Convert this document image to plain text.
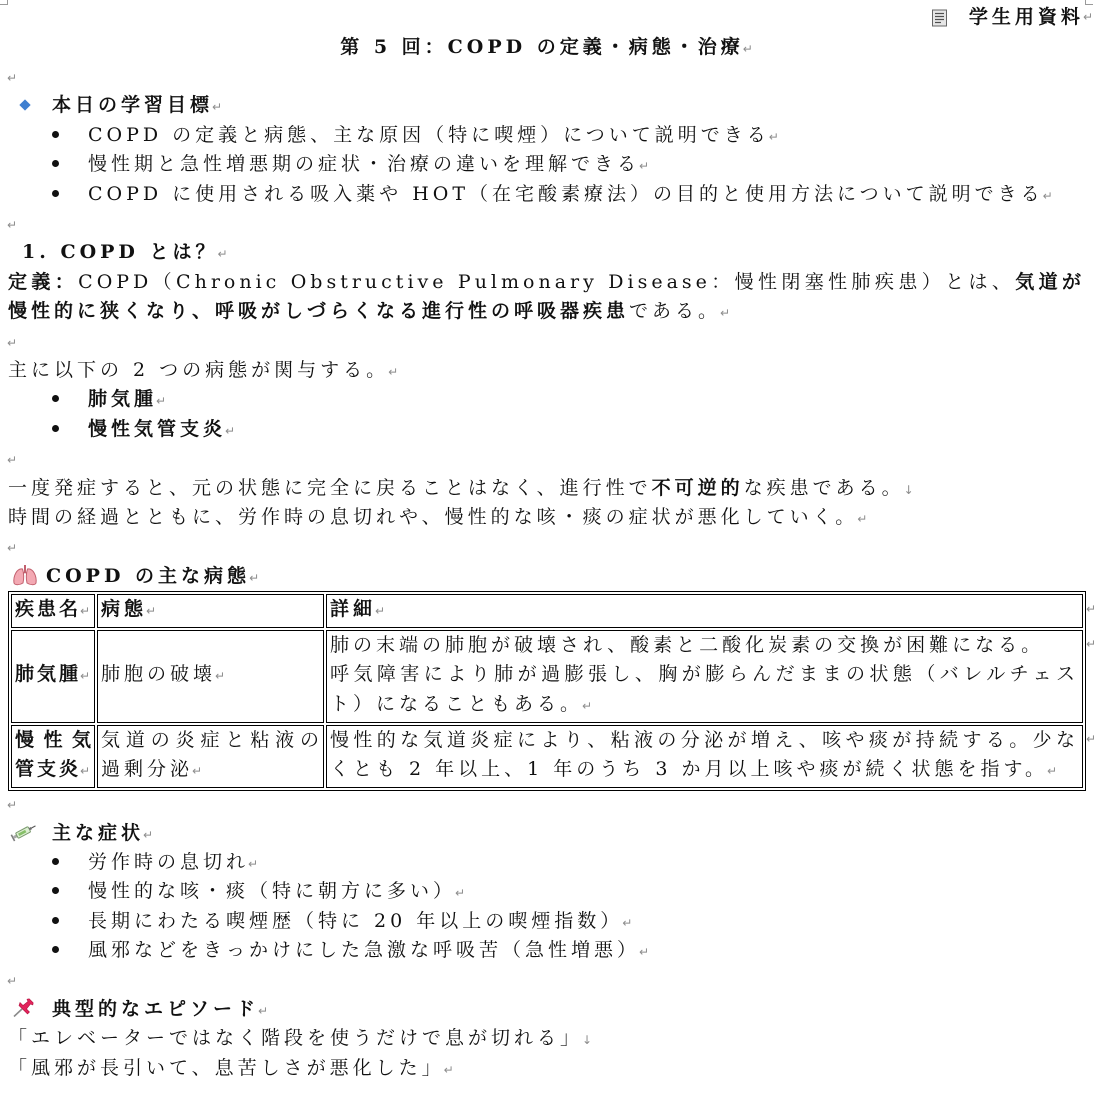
学生用資料 ↵
第 5 回：COPD の定義・病態・治療↵
↵
本日の学習目標↵
COPD の定義と病態、主な原因（特に喫煙）について説明できる↵
慢性期と急性増悪期の症状・治療の違いを理解できる↵
COPD に使用される吸入薬や HOT（在宅酸素療法）の目的と使用方法について説明できる↵
↵
1. COPD とは？↵
定義：COPD（Chronic Obstructive Pulmonary Disease：慢性閉塞性肺疾患）とは、気道が慢性的に狭くなり、呼吸がしづらくなる進行性の呼吸器疾患である。↵
↵
主に以下の 2 つの病態が関与する。↵
肺気腫↵
慢性気管支炎↵
↵
一度発症すると、元の状態に完全に戻ることはなく、進行性で不可逆的な疾患である。↓
時間の経過とともに、労作時の息切れや、慢性的な咳・痰の症状が悪化していく。↵
↵
COPD の主な病態↵
疾患名↵	病態↵	詳細↵
肺気腫↵	肺胞の破壊↵	肺の末端の肺胞が破壊され、酸素と二酸化炭素の交換が困難になる。
呼気障害により肺が過膨張し、胸が膨らんだままの状態（バレルチェスト）になることもある。↵

慢性気管支炎↵	気道の炎症と粘液の過剰分泌↵	慢性的な気道炎症により、粘液の分泌が増え、咳や痰が持続する。少なくとも 2 年以上、1 年のうち 3 か月以上咳や痰が続く状態を指す。↵
↵
↵
↵
↵
主な症状↵
労作時の息切れ↵
慢性的な咳・痰（特に朝方に多い）↵
長期にわたる喫煙歴（特に 20 年以上の喫煙指数）↵
風邪などをきっかけにした急激な呼吸苦（急性増悪）↵
↵
典型的なエピソード↵
「エレベーターではなく階段を使うだけで息が切れる」↓
「風邪が長引いて、息苦しさが悪化した」↵
